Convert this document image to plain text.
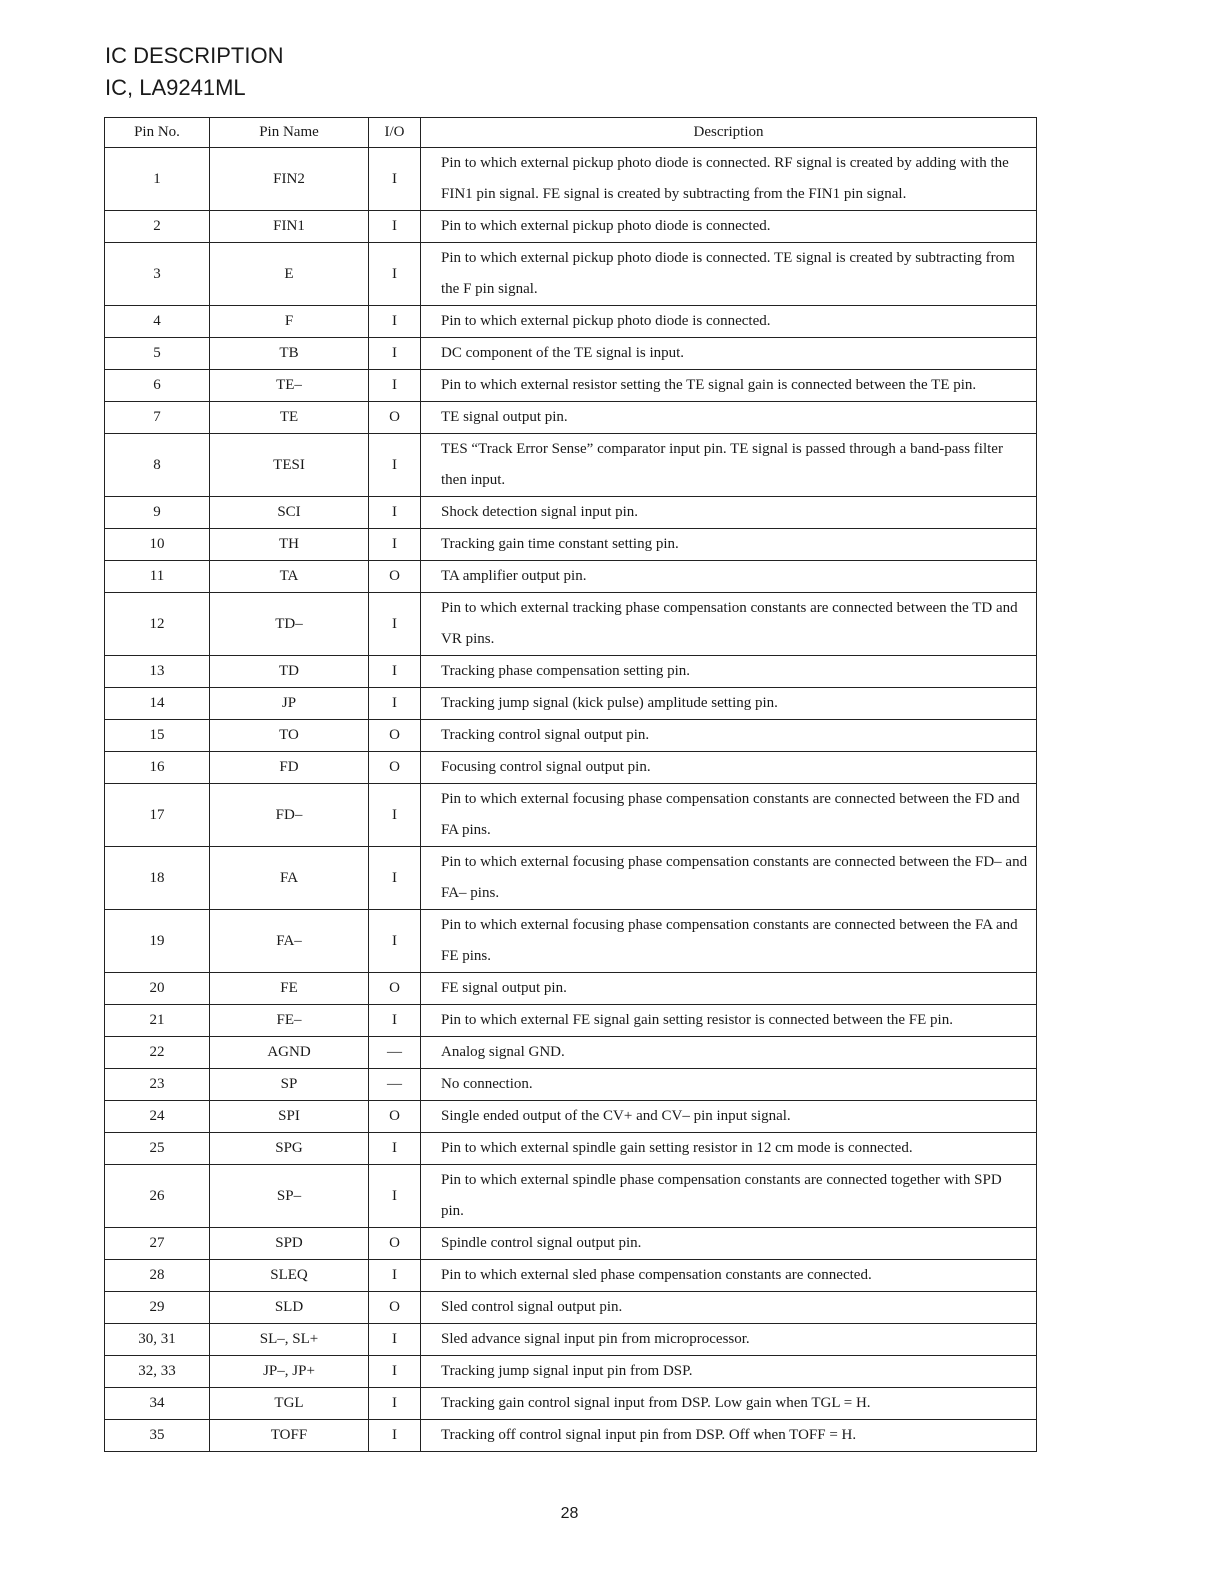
IC DESCRIPTION
IC, LA9241ML
Pin No.	Pin Name	I/O	Description
1	FIN2	I	Pin to which external pickup photo diode is connected. RF signal is created by adding with the FIN1 pin signal. FE signal is created by subtracting from the FIN1 pin signal.
2	FIN1	I	Pin to which external pickup photo diode is connected.
3	E	I	Pin to which external pickup photo diode is connected. TE signal is created by subtracting from the F pin signal.
4	F	I	Pin to which external pickup photo diode is connected.
5	TB	I	DC component of the TE signal is input.
6	TE–	I	Pin to which external resistor setting the TE signal gain is connected between the TE pin.
7	TE	O	TE signal output pin.
8	TESI	I	TES “Track Error Sense” comparator input pin. TE signal is passed through a band-pass filter then input.
9	SCI	I	Shock detection signal input pin.
10	TH	I	Tracking gain time constant setting pin.
11	TA	O	TA amplifier output pin.
12	TD–	I	Pin to which external tracking phase compensation constants are connected between the TD and VR pins.
13	TD	I	Tracking phase compensation setting pin.
14	JP	I	Tracking jump signal (kick pulse) amplitude setting pin.
15	TO	O	Tracking control signal output pin.
16	FD	O	Focusing control signal output pin.
17	FD–	I	Pin to which external focusing phase compensation constants are connected between the FD and FA pins.
18	FA	I	Pin to which external focusing phase compensation constants are connected between the FD– and FA– pins.
19	FA–	I	Pin to which external focusing phase compensation constants are connected between the FA and FE pins.
20	FE	O	FE signal output pin.
21	FE–	I	Pin to which external FE signal gain setting resistor is connected between the FE pin.
22	AGND	—	Analog signal GND.
23	SP	—	No connection.
24	SPI	O	Single ended output of the CV+ and CV– pin input signal.
25	SPG	I	Pin to which external spindle gain setting resistor in 12 cm mode is connected.
26	SP–	I	Pin to which external spindle phase compensation constants are connected together with SPD pin.
27	SPD	O	Spindle control signal output pin.
28	SLEQ	I	Pin to which external sled phase compensation constants are connected.
29	SLD	O	Sled control signal output pin.
30, 31	SL–, SL+	I	Sled advance signal input pin from microprocessor.
32, 33	JP–, JP+	I	Tracking jump signal input pin from DSP.
34	TGL	I	Tracking gain control signal input from DSP. Low gain when TGL = H.
35	TOFF	I	Tracking off control signal input pin from DSP. Off when TOFF = H.
28
